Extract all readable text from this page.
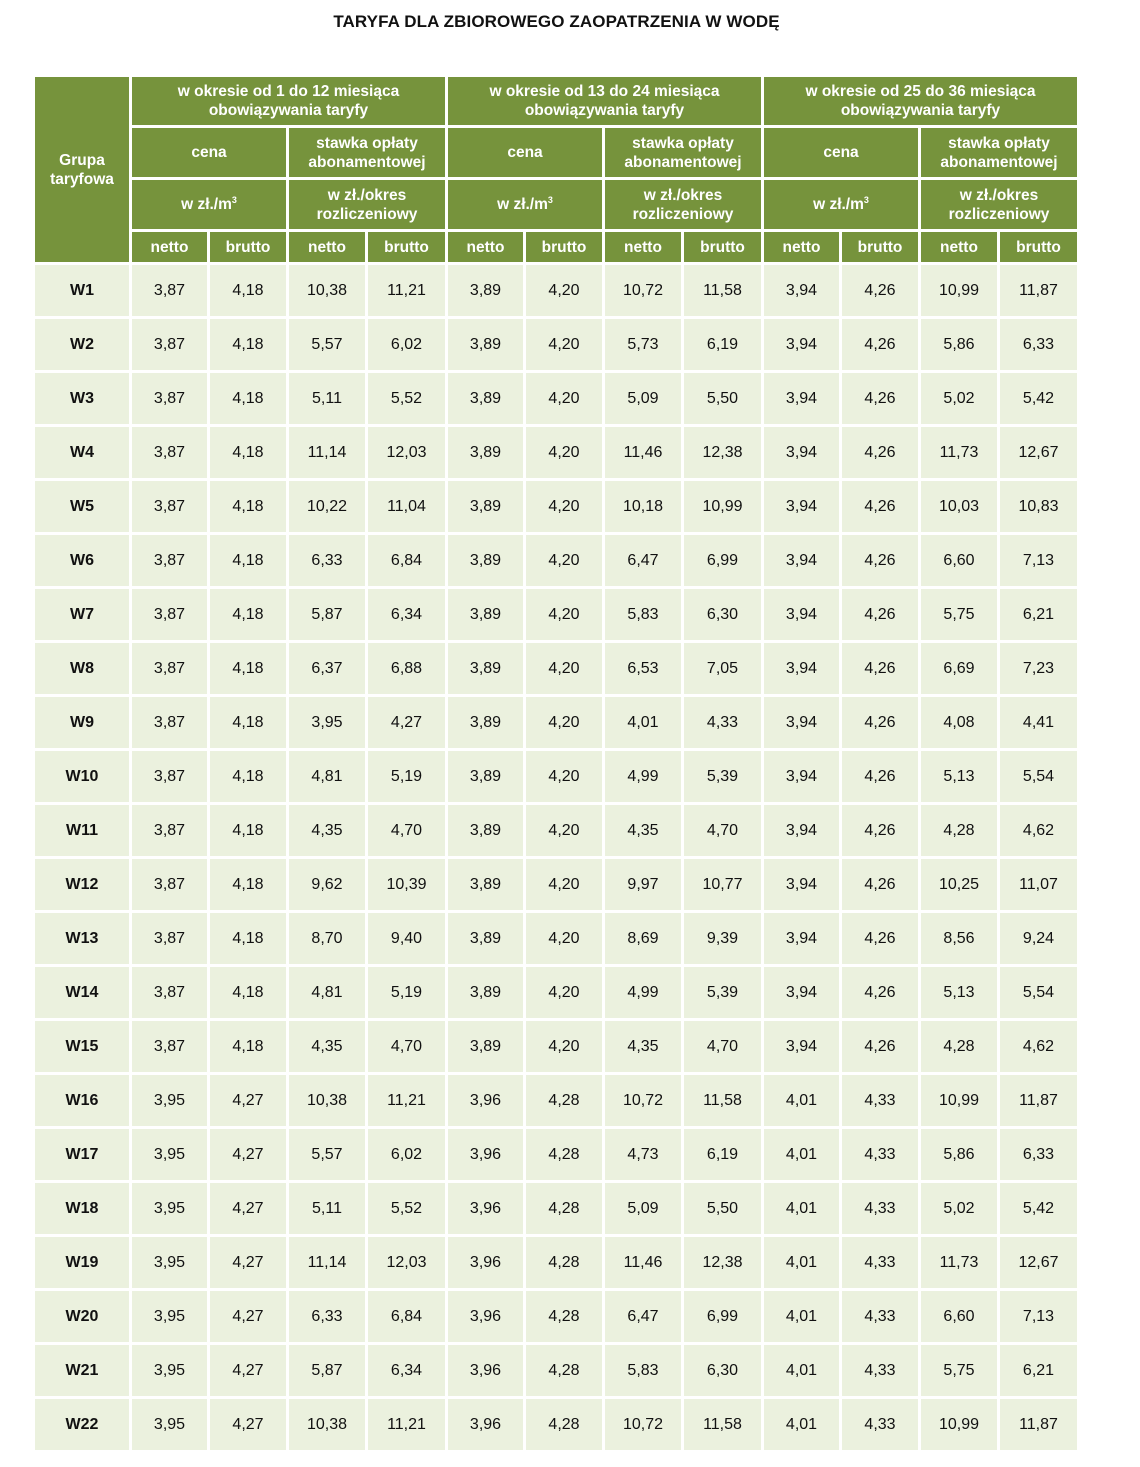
TARYFA DLA ZBIOROWEGO ZAOPATRZENIA W WODĘ
Grupa taryfowa	w okresie od 1 do 12 miesiąca obowiązywania taryfy				w okresie od 13 do 24 miesiąca obowiązywania taryfy				w okresie od 25 do 36 miesiąca obowiązywania taryfy			
	cena		stawka opłaty abonamentowej		cena		stawka opłaty abonamentowej		cena		stawka opłaty abonamentowej	
	w $zł./m^3$		w zł./okres rozliczeniowy		w $zł./m^3$		w zł./okres rozliczeniowy		w $zł./m^3$		w zł./okres rozliczeniowy	
	netto	brutto	netto	brutto	netto	brutto	netto	brutto	netto	brutto	netto	brutto
W1	3,87	4,18	10,38	11,21	3,89	4,20	10,72	11,58	3,94	4,26	10,99	11,87
W2	3,87	4,18	5,57	6,02	3,89	4,20	5,73	6,19	3,94	4,26	5,86	6,33
W3	3,87	4,18	5,11	5,52	3,89	4,20	5,09	5,50	3,94	4,26	5,02	5,42
W4	3,87	4,18	11,14	12,03	3,89	4,20	11,46	12,38	3,94	4,26	11,73	12,67
W5	3,87	4,18	10,22	11,04	3,89	4,20	10,18	10,99	3,94	4,26	10,03	10,83
W6	3,87	4,18	6,33	6,84	3,89	4,20	6,47	6,99	3,94	4,26	6,60	7,13
W7	3,87	4,18	5,87	6,34	3,89	4,20	5,83	6,30	3,94	4,26	5,75	6,21
W8	3,87	4,18	6,37	6,88	3,89	4,20	6,53	7,05	3,94	4,26	6,69	7,23
W9	3,87	4,18	3,95	4,27	3,89	4,20	4,01	4,33	3,94	4,26	4,08	4,41
W10	3,87	4,18	4,81	5,19	3,89	4,20	4,99	5,39	3,94	4,26	5,13	5,54
W11	3,87	4,18	4,35	4,70	3,89	4,20	4,35	4,70	3,94	4,26	4,28	4,62
W12	3,87	4,18	9,62	10,39	3,89	4,20	9,97	10,77	3,94	4,26	10,25	11,07
W13	3,87	4,18	8,70	9,40	3,89	4,20	8,69	9,39	3,94	4,26	8,56	9,24
W14	3,87	4,18	4,81	5,19	3,89	4,20	4,99	5,39	3,94	4,26	5,13	5,54
W15	3,87	4,18	4,35	4,70	3,89	4,20	4,35	4,70	3,94	4,26	4,28	4,62
W16	3,95	4,27	10,38	11,21	3,96	4,28	10,72	11,58	4,01	4,33	10,99	11,87
W17	3,95	4,27	5,57	6,02	3,96	4,28	4,73	6,19	4,01	4,33	5,86	6,33
W18	3,95	4,27	5,11	5,52	3,96	4,28	5,09	5,50	4,01	4,33	5,02	5,42
W19	3,95	4,27	11,14	12,03	3,96	4,28	11,46	12,38	4,01	4,33	11,73	12,67
W20	3,95	4,27	6,33	6,84	3,96	4,28	6,47	6,99	4,01	4,33	6,60	7,13
W21	3,95	4,27	5,87	6,34	3,96	4,28	5,83	6,30	4,01	4,33	5,75	6,21
W22	3,95	4,27	10,38	11,21	3,96	4,28	10,72	11,58	4,01	4,33	10,99	11,87
